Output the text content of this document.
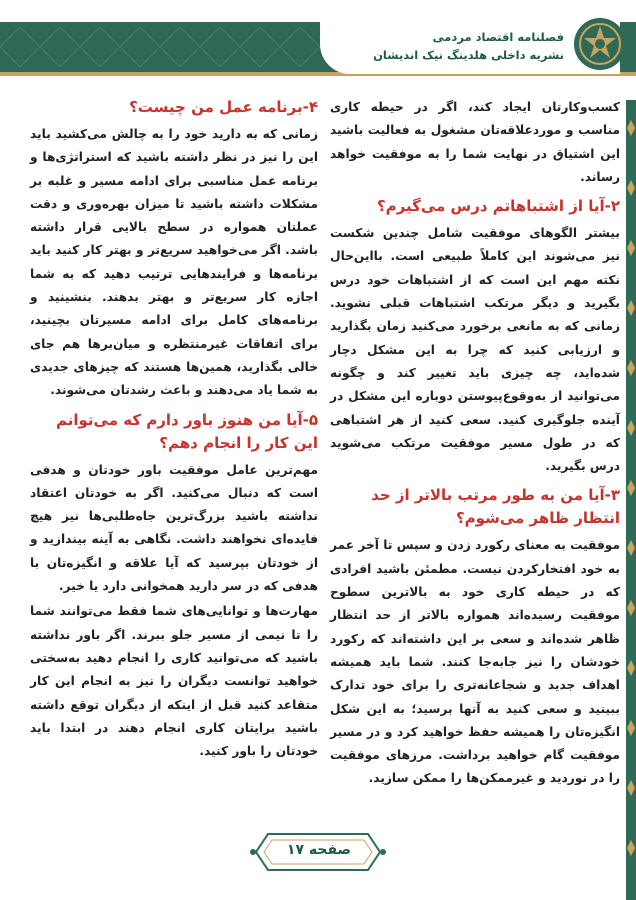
فصلنامه اقتصاد مردمی
نشریه داخلی هلدینگ نیک اندیشان

کسب‌وکارتان ایجاد کند، اگر در حیطه کاری مناسب و موردعلاقه‌تان مشغول به فعالیت باشید این اشتیاق در نهایت شما را به موفقیت خواهد رساند.

۲-آیا از اشتباهاتم درس می‌گیرم؟

بیشتر الگوهای موفقیت شامل چندین شکست نیز می‌شوند این کاملاً طبیعی است. بااین‌حال نکته مهم این است که از اشتباهات خود درس بگیرید و دیگر مرتکب اشتباهات قبلی نشوید. زمانی که به مانعی برخورد می‌کنید زمان بگذارید و ارزیابی کنید که چرا به این مشکل دچار شده‌اید، چه چیزی باید تغییر کند و چگونه می‌توانید از به‌وقوع‌پیوستن دوباره این مشکل در آینده جلوگیری کنید. سعی کنید از هر اشتباهی که در طول مسیر موفقیت مرتکب می‌شوید درس بگیرید.

۳-آیا من به طور مرتب بالاتر از حد انتظار ظاهر می‌شوم؟

موفقیت به معنای رکورد زدن و سپس تا آخر عمر به خود افتخارکردن نیست. مطمئن باشید افرادی که در حیطه کاری خود به بالاترین سطوح موفقیت رسیده‌اند همواره بالاتر از حد انتظار ظاهر شده‌اند و سعی بر این داشته‌اند که رکورد خودشان را نیز جابه‌جا کنند. شما باید همیشه اهداف جدید و شجاعانه‌تری را برای خود تدارک ببینید و سعی کنید به آنها برسید؛ به این شکل انگیزه‌تان را همیشه حفظ خواهید کرد و در مسیر موفقیت گام خواهید برداشت. مرزهای موفقیت را در نوردید و غیرممکن‌ها را ممکن سازید.

۴-برنامه عمل من چیست؟

زمانی که به دارید خود را به چالش می‌کشید باید این را نیز در نظر داشته باشید که استراتژی‌ها و برنامه عمل مناسبی برای ادامه مسیر و غلبه بر مشکلات داشته باشید تا میزان بهره‌وری و دقت عملتان همواره در سطح بالایی قرار داشته باشد. اگر می‌خواهید سریع‌تر و بهتر کار کنید باید برنامه‌ها و فرایندهایی ترتیب دهید که به شما اجازه کار سریع‌تر و بهتر بدهند. بنشینید و برنامه‌های کامل برای ادامه مسیرتان بچینید، برای اتفاقات غیرمنتظره و میان‌برها هم جای خالی بگذارید، همین‌ها هستند که چیزهای جدیدی به شما یاد می‌دهند و باعث رشدتان می‌شوند.

۵-آیا من هنوز باور دارم که می‌توانم این کار را انجام دهم؟

مهم‌ترین عامل موفقیت باور خودتان و هدفی است که دنبال می‌کنید. اگر به خودتان اعتقاد نداشته باشید بزرگ‌ترین جاه‌طلبی‌ها نیز هیچ فایده‌ای نخواهند داشت. نگاهی به آینه بیندازید و از خودتان بپرسید که آیا علاقه و انگیزه‌تان با هدفی که در سر دارید همخوانی دارد یا خیر.

مهارت‌ها و توانایی‌های شما فقط می‌توانند شما را تا نیمی از مسیر جلو ببرند. اگر باور نداشته باشید که می‌توانید کاری را انجام دهید به‌سختی خواهید توانست دیگران را نیز به انجام این کار متقاعد کنید قبل از اینکه از دیگران توقع داشته باشید برایتان کاری انجام دهند در ابتدا باید خودتان را باور کنید.

صفحه ۱۷
